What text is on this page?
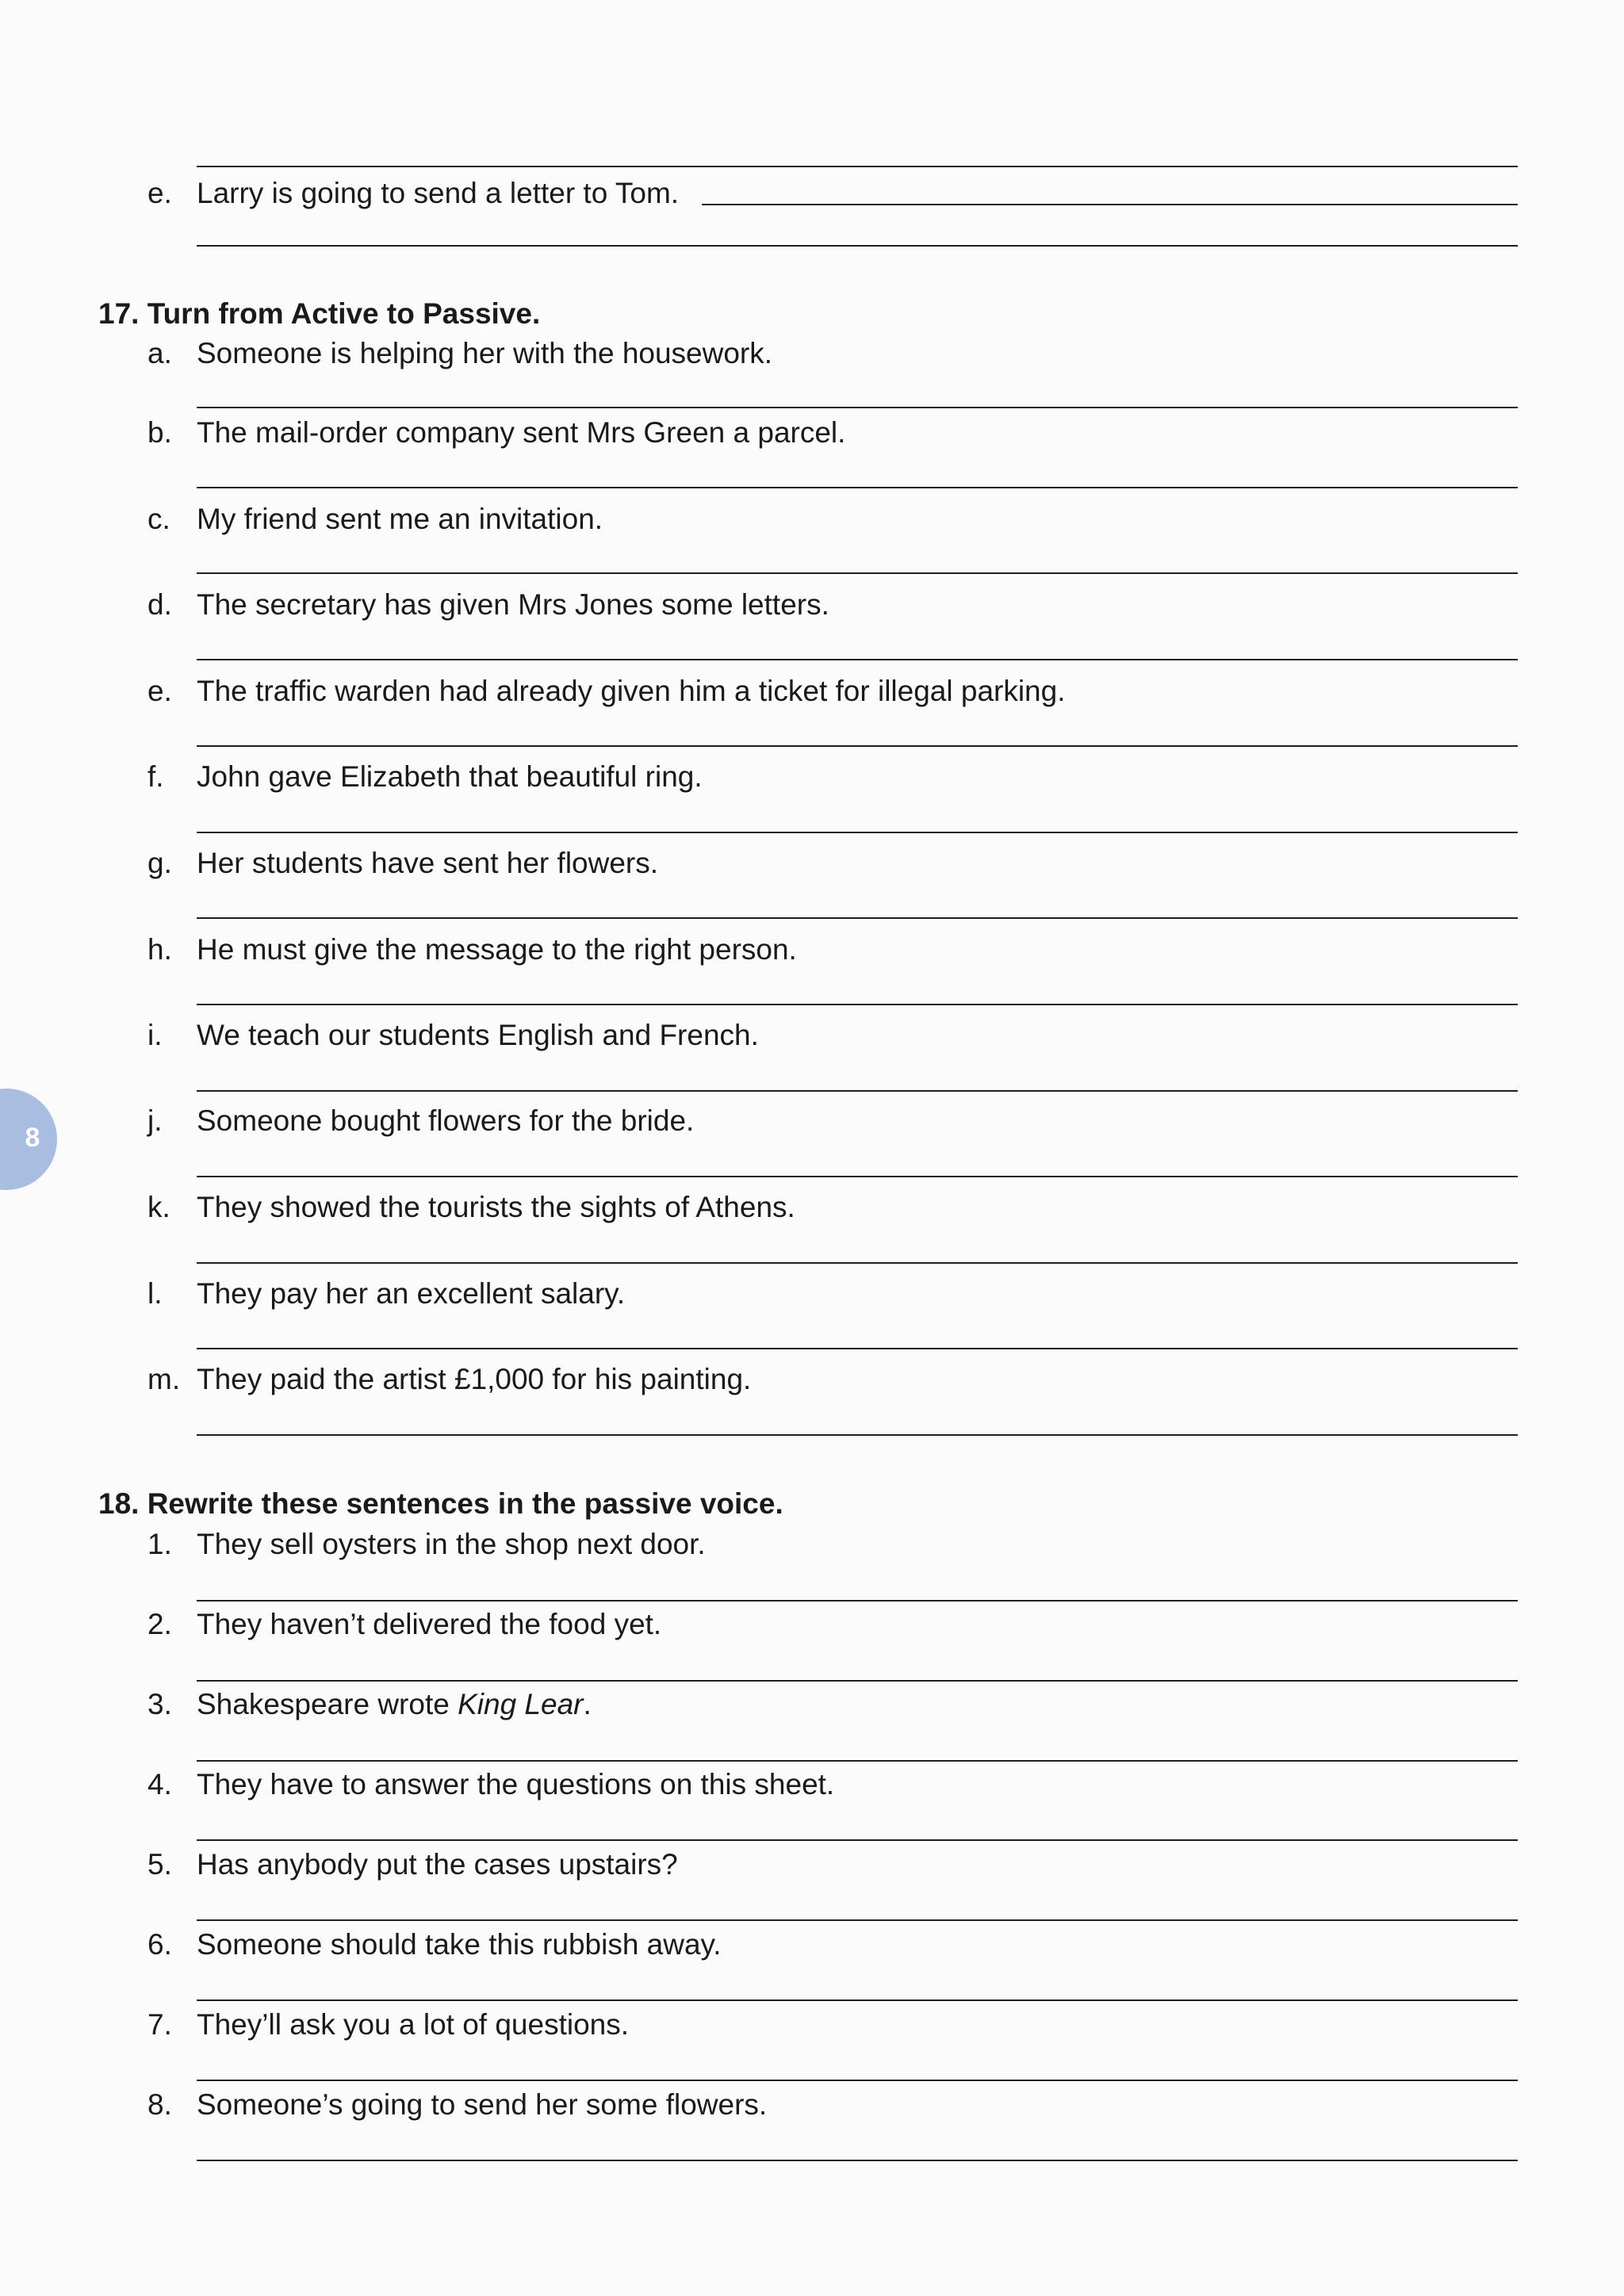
e. Larry is going to send a letter to Tom.
17. Turn from Active to Passive.
a. Someone is helping her with the housework.
b. The mail-order company sent Mrs Green a parcel.
c. My friend sent me an invitation.
d. The secretary has given Mrs Jones some letters.
e. The traffic warden had already given him a ticket for illegal parking.
f. John gave Elizabeth that beautiful ring.
g. Her students have sent her flowers.
h. He must give the message to the right person.
i. We teach our students English and French.
j. Someone bought flowers for the bride.
k. They showed the tourists the sights of Athens.
l. They pay her an excellent salary.
m. They paid the artist £1,000 for his painting.
18. Rewrite these sentences in the passive voice.
1. They sell oysters in the shop next door.
2. They haven’t delivered the food yet.
3. Shakespeare wrote King Lear.
4. They have to answer the questions on this sheet.
5. Has anybody put the cases upstairs?
6. Someone should take this rubbish away.
7. They’ll ask you a lot of questions.
8. Someone’s going to send her some flowers.
8
